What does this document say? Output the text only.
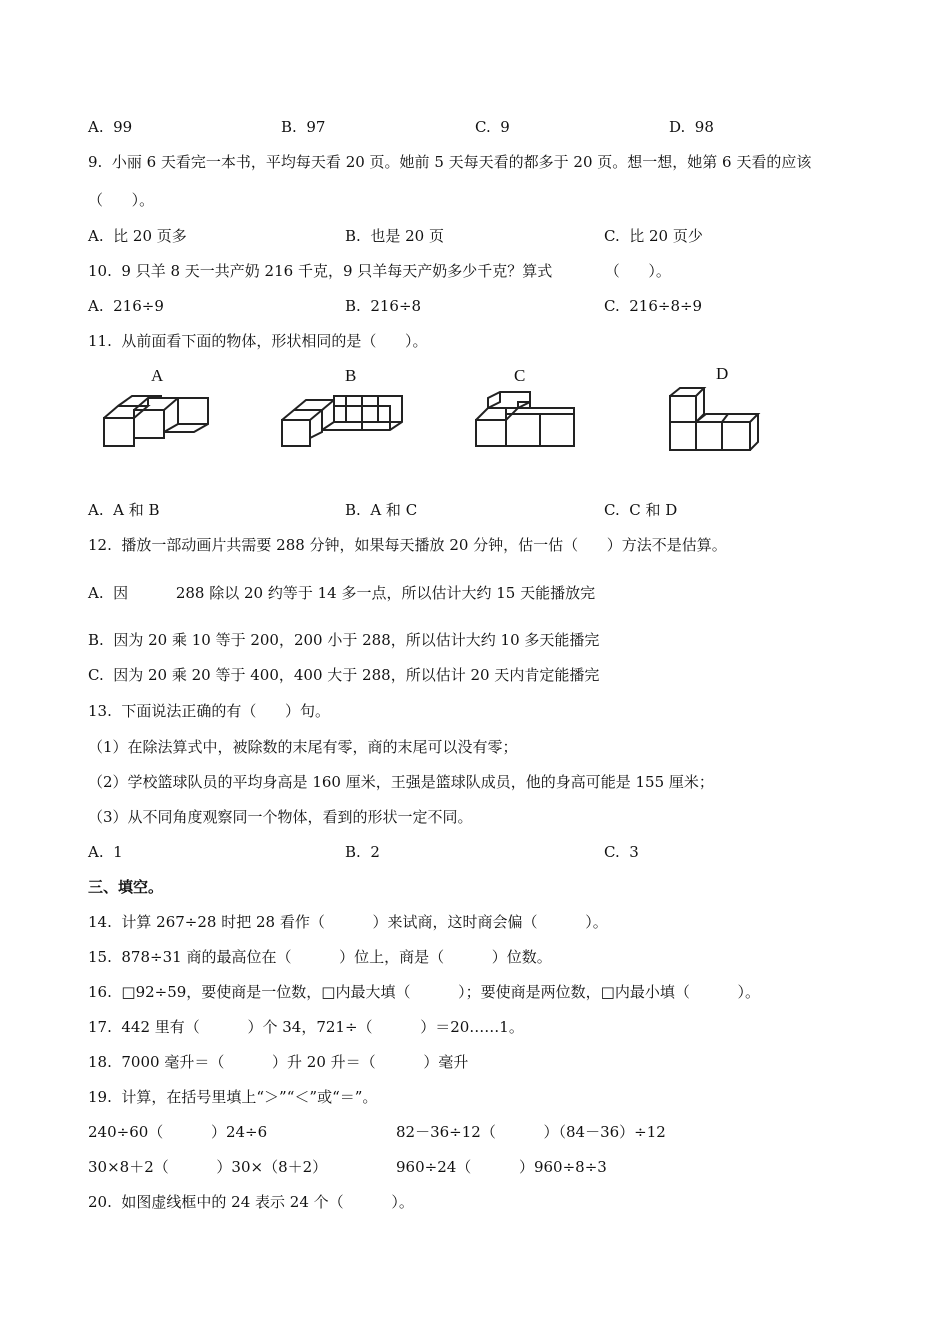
A.  99	B.  97	C.  9	D.  98
9.  小丽 6 天看完一本书，平均每天看 20 页。她前 5 天每天看的都多于 20 页。想一想，她第 6 天看的应该
（      ）。
A.  比 20 页多	B.  也是 20 页	C.  比 20 页少
10.  9 只羊 8 天一共产奶 216 千克，9 只羊每天产奶多少千克？算式           （      ）。
A.  216÷9	B.  216÷8	C.  216÷8÷9
11.  从前面看下面的物体，形状相同的是（      ）。
A	B	C	D
A.  A 和 B	B.  A 和 C	C.  C 和 D
12.  播放一部动画片共需要 288 分钟，如果每天播放 20 分钟，估一估（      ）方法不是估算。
A.  因          288 除以 20 约等于 14 多一点，所以估计大约 15 天能播放完
B.  因为 20 乘 10 等于 200，200 小于 288，所以估计大约 10 多天能播完
C.  因为 20 乘 20 等于 400，400 大于 288，所以估计 20 天内肯定能播完
13.  下面说法正确的有（      ）句。
（1）在除法算式中，被除数的末尾有零，商的末尾可以没有零；
（2）学校篮球队员的平均身高是 160 厘米，王强是篮球队成员，他的身高可能是 155 厘米；
（3）从不同角度观察同一个物体，看到的形状一定不同。
A.  1	B.  2	C.  3
三、填空。
14.  计算 267÷28 时把 28 看作（          ）来试商，这时商会偏（          ）。
15.  878÷31 商的最高位在（          ）位上，商是（          ）位数。
16.  □92÷59，要使商是一位数，□内最大填（          ）；要使商是两位数，□内最小填（          ）。
17.  442 里有（          ）个 34，721÷（          ）＝20……1。
18.  7000 毫升＝（          ）升 20 升＝（          ）毫升
19.  计算，在括号里填上“＞”“＜”或“＝”。
240÷60（          ）24÷6	82－36÷12（          ）（84－36）÷12
30×8＋2（          ）30×（8＋2）	960÷24（          ）960÷8÷3
20.  如图虚线框中的 24 表示 24 个（          ）。
